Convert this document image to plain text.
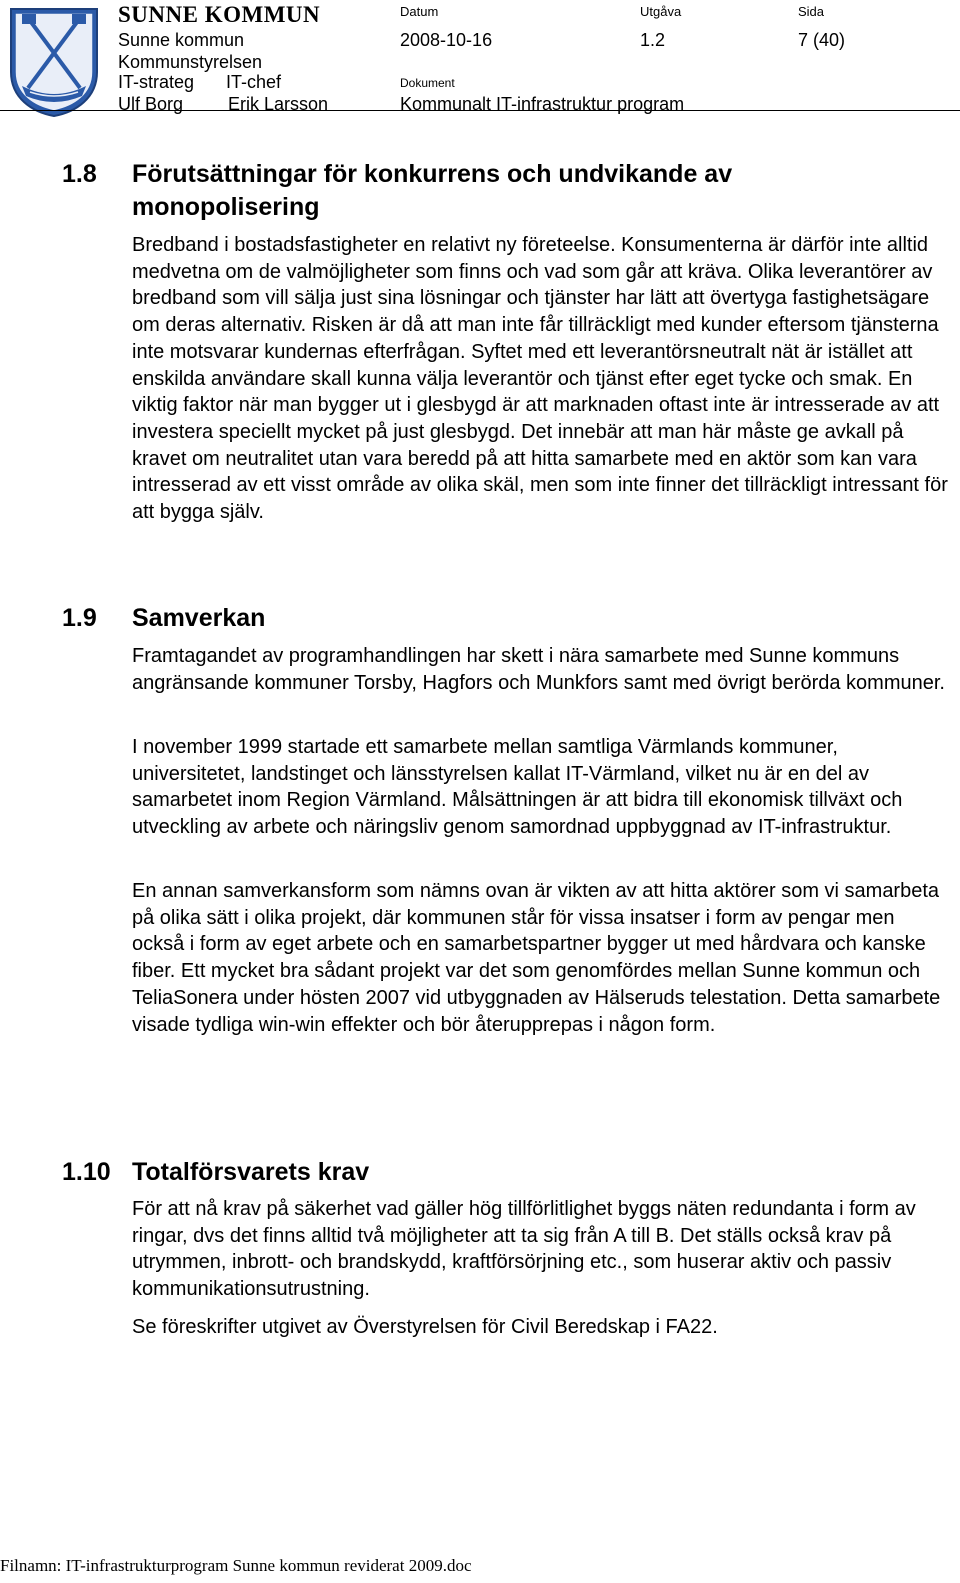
SUNNE KOMMUN
Sunne kommun
Kommunstyrelsen
IT-strateg IT-chef
Ulf Borg Erik Larsson
Datum
2008-10-16
Utgåva
1.2
Sida
7 (40)
Dokument
Kommunalt IT-infrastruktur program
1.8 Förutsättningar för konkurrens och undvikande av monopolisering

Bredband i bostadsfastigheter en relativt ny företeelse. Konsumenterna är därför inte alltid medvetna om de valmöjligheter som finns och vad som går att kräva. Olika leverantörer av bredband som vill sälja just sina lösningar och tjänster har lätt att övertyga fastighetsägare om deras alternativ. Risken är då att man inte får tillräckligt med kunder eftersom tjänsterna inte motsvarar kundernas efterfrågan. Syftet med ett leverantörsneutralt nät är istället att enskilda användare skall kunna välja leverantör och tjänst efter eget tycke och smak. En viktig faktor när man bygger ut i glesbygd är att marknaden oftast inte är intresserade av att investera speciellt mycket på just glesbygd. Det innebär att man här måste ge avkall på kravet om neutralitet utan vara beredd på att hitta samarbete med en aktör som kan vara intresserad av ett visst område av olika skäl, men som inte finner det tillräckligt intressant för att bygga själv.

1.9 Samverkan

Framtagandet av programhandlingen har skett i nära samarbete med Sunne kommuns angränsande kommuner Torsby, Hagfors och Munkfors samt med övrigt berörda kommuner.

I november 1999 startade ett samarbete mellan samtliga Värmlands kommuner, universitetet, landstinget och länsstyrelsen kallat IT-Värmland, vilket nu är en del av samarbetet inom Region Värmland. Målsättningen är att bidra till ekonomisk tillväxt och utveckling av arbete och näringsliv genom samordnad uppbyggnad av IT-infrastruktur.

En annan samverkansform som nämns ovan är vikten av att hitta aktörer som vi samarbeta på olika sätt i olika projekt, där kommunen står för vissa insatser i form av pengar men också i form av eget arbete och en samarbetspartner bygger ut med hårdvara och kanske fiber. Ett mycket bra sådant projekt var det som genomfördes mellan Sunne kommun och TeliaSonera under hösten 2007 vid utbyggnaden av Hälseruds telestation. Detta samarbete visade tydliga win-win effekter och bör återupprepas i någon form.

1.10 Totalförsvarets krav

För att nå krav på säkerhet vad gäller hög tillförlitlighet byggs näten redundanta i form av ringar, dvs det finns alltid två möjligheter att ta sig från A till B. Det ställs också krav på utrymmen, inbrott- och brandskydd, kraftförsörjning etc., som huserar aktiv och passiv kommunikationsutrustning.

Se föreskrifter utgivet av Överstyrelsen för Civil Beredskap i FA22.

Filnamn: IT-infrastrukturprogram Sunne kommun reviderat 2009.doc
